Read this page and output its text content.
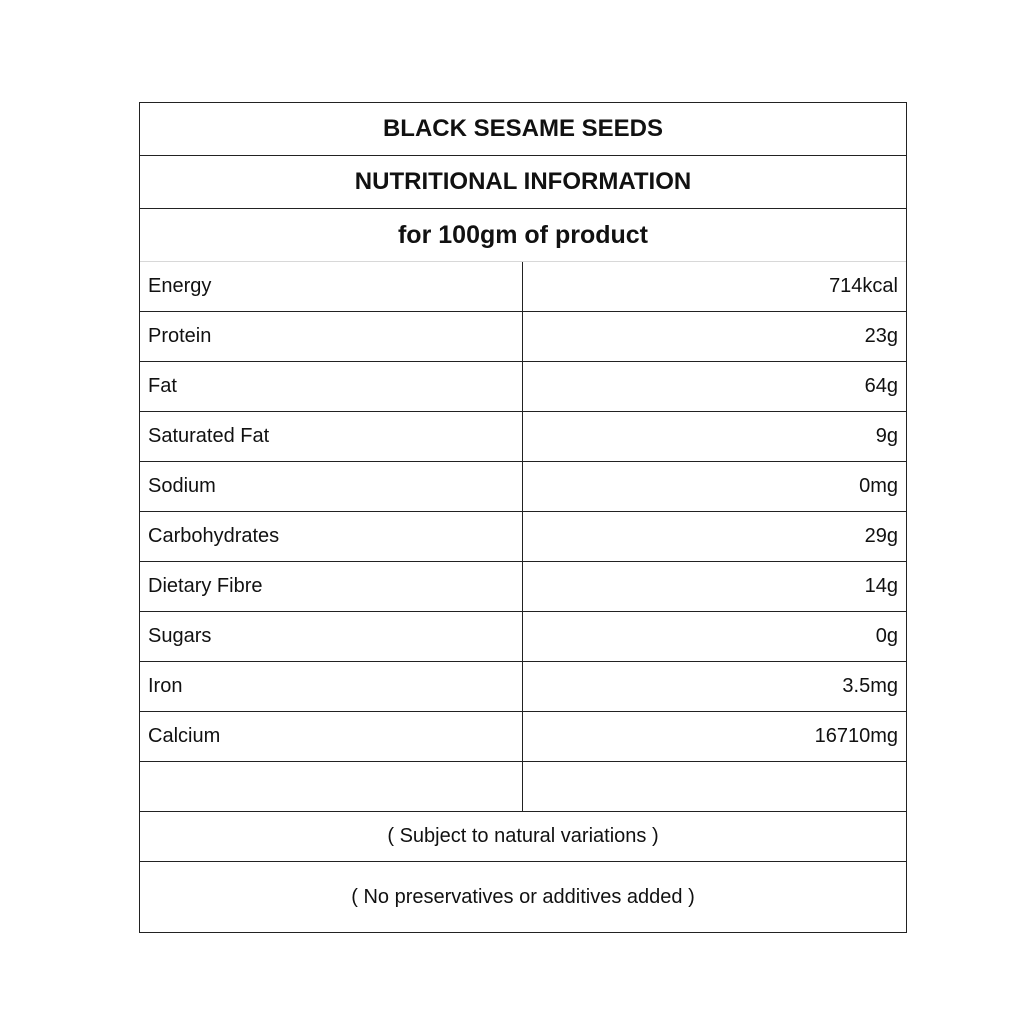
BLACK SESAME SEEDS
NUTRITIONAL INFORMATION
for 100gm of product
Energy	714kcal
Protein	23g
Fat	64g
Saturated Fat	9g
Sodium	0mg
Carbohydrates	29g
Dietary Fibre	14g
Sugars	0g
Iron	3.5mg
Calcium	16710mg
( Subject to natural variations )
( No preservatives or additives added )
